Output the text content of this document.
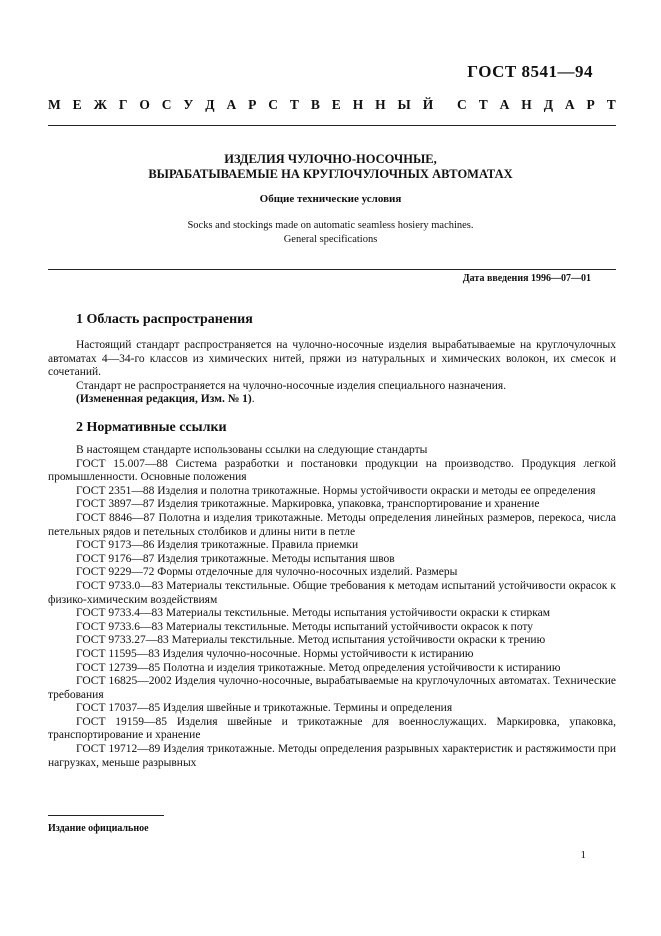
ГОСТ 8541—94
М Е Ж Г О С У Д А Р С Т В Е Н Н Ы Й С Т А Н Д А Р Т
ИЗДЕЛИЯ ЧУЛОЧНО-НОСОЧНЫЕ,
ВЫРАБАТЫВАЕМЫЕ НА КРУГЛОЧУЛОЧНЫХ АВТОМАТАХ
Общие технические условия
Socks and stockings made on automatic seamless hosiery machines.
General specifications
Дата введения 1996—07—01
1 Область распространения

Настоящий стандарт распространяется на чулочно-носочные изделия вырабатываемые на круглочулочных автоматах 4—34-го классов из химических нитей, пряжи из натуральных и химических волокон, их смесок и сочетаний.

Стандарт не распространяется на чулочно-носочные изделия специального назначения.

(Измененная редакция, Изм. № 1).

2 Нормативные ссылки

В настоящем стандарте использованы ссылки на следующие стандарты

ГОСТ 15.007—88 Система разработки и постановки продукции на производство. Продукция легкой промышленности. Основные положения

ГОСТ 2351—88 Изделия и полотна трикотажные. Нормы устойчивости окраски и методы ее определения

ГОСТ 3897—87 Изделия трикотажные. Маркировка, упаковка, транспортирование и хранение

ГОСТ 8846—87 Полотна и изделия трикотажные. Методы определения линейных размеров, перекоса, числа петельных рядов и петельных столбиков и длины нити в петле

ГОСТ 9173—86 Изделия трикотажные. Правила приемки

ГОСТ 9176—87 Изделия трикотажные. Методы испытания швов

ГОСТ 9229—72 Формы отделочные для чулочно-носочных изделий. Размеры

ГОСТ 9733.0—83 Материалы текстильные. Общие требования к методам испытаний устойчивости окрасок к физико-химическим воздействиям

ГОСТ 9733.4—83 Материалы текстильные. Методы испытания устойчивости окраски к стиркам

ГОСТ 9733.6—83 Материалы текстильные. Методы испытаний устойчивости окрасок к поту

ГОСТ 9733.27—83 Материалы текстильные. Метод испытания устойчивости окраски к трению

ГОСТ 11595—83 Изделия чулочно-носочные. Нормы устойчивости к истиранию

ГОСТ 12739—85 Полотна и изделия трикотажные. Метод определения устойчивости к истиранию

ГОСТ 16825—2002 Изделия чулочно-носочные, вырабатываемые на круглочулочных автоматах. Технические требования

ГОСТ 17037—85 Изделия швейные и трикотажные. Термины и определения

ГОСТ 19159—85 Изделия швейные и трикотажные для военнослужащих. Маркировка, упаковка, транспортирование и хранение

ГОСТ 19712—89 Изделия трикотажные. Методы определения разрывных характеристик и растяжимости при нагрузках, меньше разрывных

Издание официальное
1
